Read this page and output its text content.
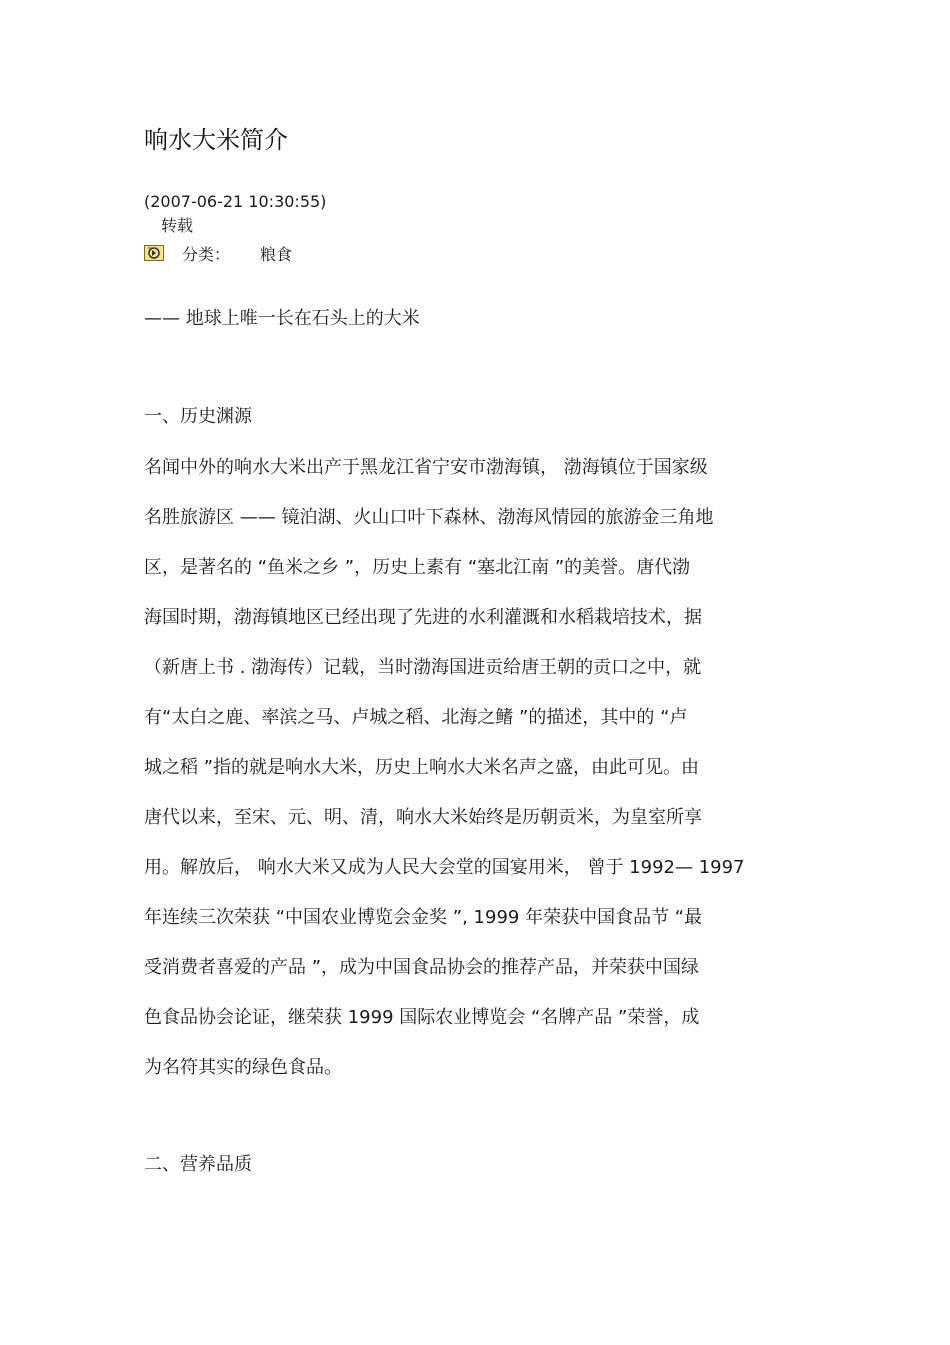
响水大米简介
(2007-06-21 10:30:55)
转载
分类： 粮食
—— 地球上唯一长在石头上的大米
一、历史渊源
名闻中外的响水大米出产于黑龙江省宁安市渤海镇， 渤海镇位于国家级
名胜旅游区 —— 镜泊湖、火山口叶下森林、渤海风情园的旅游金三角地
区，是著名的 “鱼米之乡 ”，历史上素有 “塞北江南 ”的美誉。唐代渤
海国时期，渤海镇地区已经出现了先进的水利灌溉和水稻栽培技术，据
（新唐上书 . 渤海传）记载，当时渤海国进贡给唐王朝的贡口之中，就
有“太白之鹿、率滨之马、卢城之稻、北海之鳍 ”的描述，其中的 “卢
城之稻 ”指的就是响水大米，历史上响水大米名声之盛，由此可见。由
唐代以来，至宋、元、明、清，响水大米始终是历朝贡米，为皇室所享
用。解放后， 响水大米又成为人民大会堂的国宴用米， 曾于 1992— 1997
年连续三次荣获 “中国农业博览会金奖 ”, 1999 年荣获中国食品节 “最
受消费者喜爱的产品 ”，成为中国食品协会的推荐产品，并荣获中国绿
色食品协会论证，继荣获 1999 国际农业博览会 “名牌产品 ”荣誉，成
为名符其实的绿色食品。
二、营养品质
